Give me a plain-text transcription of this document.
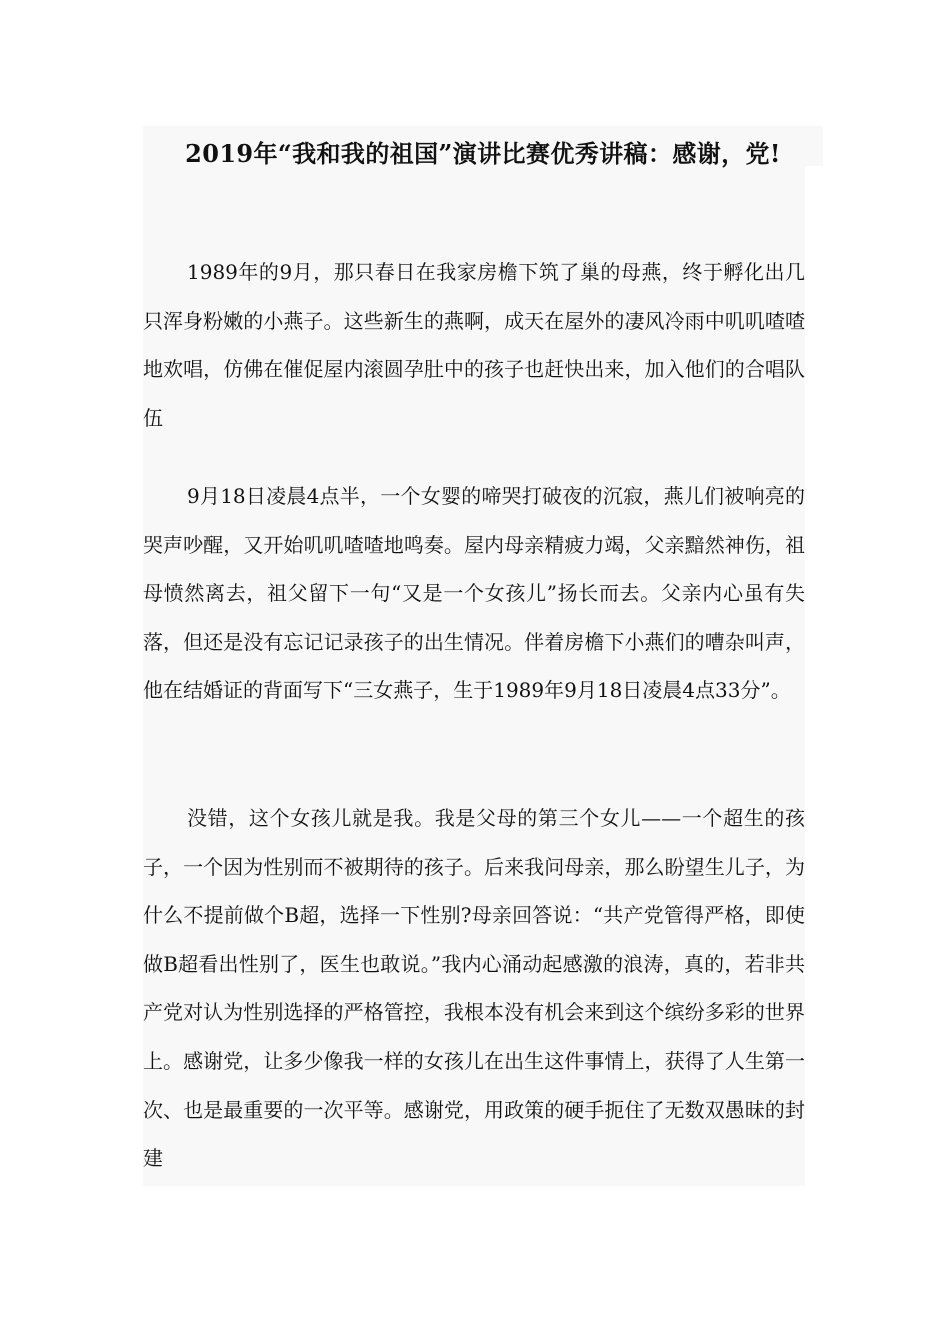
2019年“我和我的祖国”演讲比赛优秀讲稿：感谢，党!

1989年的9月，那只春日在我家房檐下筑了巢的母燕，终于孵化出几只浑身粉嫩的小燕子。这些新生的燕啊，成天在屋外的凄风冷雨中叽叽喳喳地欢唱，仿佛在催促屋内滚圆孕肚中的孩子也赶快出来，加入他们的合唱队伍

9月18日凌晨4点半，一个女婴的啼哭打破夜的沉寂，燕儿们被响亮的哭声吵醒，又开始叽叽喳喳地鸣奏。屋内母亲精疲力竭，父亲黯然神伤，祖母愤然离去，祖父留下一句“又是一个女孩儿”扬长而去。父亲内心虽有失落，但还是没有忘记记录孩子的出生情况。伴着房檐下小燕们的嘈杂叫声，他在结婚证的背面写下“三女燕子，生于1989年9月18日凌晨4点33分”。

没错，这个女孩儿就是我。我是父母的第三个女儿——一个超生的孩子，一个因为性别而不被期待的孩子。后来我问母亲，那么盼望生儿子，为什么不提前做个B超，选择一下性别?母亲回答说：“共产党管得严格，即使做B超看出性别了，医生也敢说。”我内心涌动起感激的浪涛，真的，若非共产党对认为性别选择的严格管控，我根本没有机会来到这个缤纷多彩的世界上。感谢党，让多少像我一样的女孩儿在出生这件事情上，获得了人生第一次、也是最重要的一次平等。感谢党，用政策的硬手扼住了无数双愚昧的封建
